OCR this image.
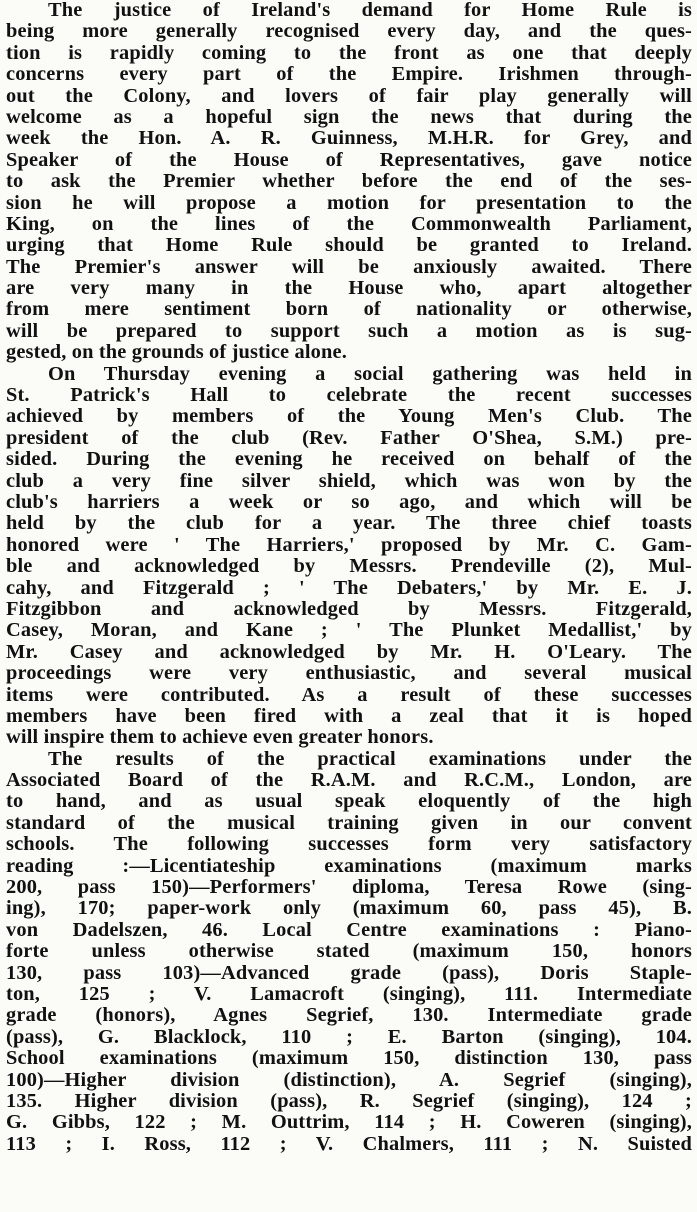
The justice of Ireland's demand for Home Rule is
being more generally recognised every day, and the ques-
tion is rapidly coming to the front as one that deeply
concerns every part of the Empire. Irishmen through-
out the Colony, and lovers of fair play generally will
welcome as a hopeful sign the news that during the
week the Hon. A. R. Guinness, M.H.R. for Grey, and
Speaker of the House of Representatives, gave notice
to ask the Premier whether before the end of the ses-
sion he will propose a motion for presentation to the
King, on the lines of the Commonwealth Parliament,
urging that Home Rule should be granted to Ireland.
The Premier's answer will be anxiously awaited. There
are very many in the House who, apart altogether
from mere sentiment born of nationality or otherwise,
will be prepared to support such a motion as is sug-
gested, on the grounds of justice alone.
On Thursday evening a social gathering was held in
St. Patrick's Hall to celebrate the recent successes
achieved by members of the Young Men's Club. The
president of the club (Rev. Father O'Shea, S.M.) pre-
sided. During the evening he received on behalf of the
club a very fine silver shield, which was won by the
club's harriers a week or so ago, and which will be
held by the club for a year. The three chief toasts
honored were ' The Harriers,' proposed by Mr. C. Gam-
ble and acknowledged by Messrs. Prendeville (2), Mul-
cahy, and Fitzgerald ; ' The Debaters,' by Mr. E. J.
Fitzgibbon and acknowledged by Messrs. Fitzgerald,
Casey, Moran, and Kane ; ' The Plunket Medallist,' by
Mr. Casey and acknowledged by Mr. H. O'Leary. The
proceedings were very enthusiastic, and several musical
items were contributed. As a result of these successes
members have been fired with a zeal that it is hoped
will inspire them to achieve even greater honors.
The results of the practical examinations under the
Associated Board of the R.A.M. and R.C.M., London, are
to hand, and as usual speak eloquently of the high
standard of the musical training given in our convent
schools. The following successes form very satisfactory
reading :—Licentiateship examinations (maximum marks
200, pass 150)—Performers' diploma, Teresa Rowe (sing-
ing), 170; paper-work only (maximum 60, pass 45), B.
von Dadelszen, 46. Local Centre examinations : Piano-
forte unless otherwise stated (maximum 150, honors
130, pass 103)—Advanced grade (pass), Doris Staple-
ton, 125 ; V. Lamacroft (singing), 111. Intermediate
grade (honors), Agnes Segrief, 130. Intermediate grade
(pass), G. Blacklock, 110 ; E. Barton (singing), 104.
School examinations (maximum 150, distinction 130, pass
100)—Higher division (distinction), A. Segrief (singing),
135. Higher division (pass), R. Segrief (singing), 124 ;
G. Gibbs, 122 ; M. Outtrim, 114 ; H. Coweren (singing),
113 ; I. Ross, 112 ; V. Chalmers, 111 ; N. Suisted
